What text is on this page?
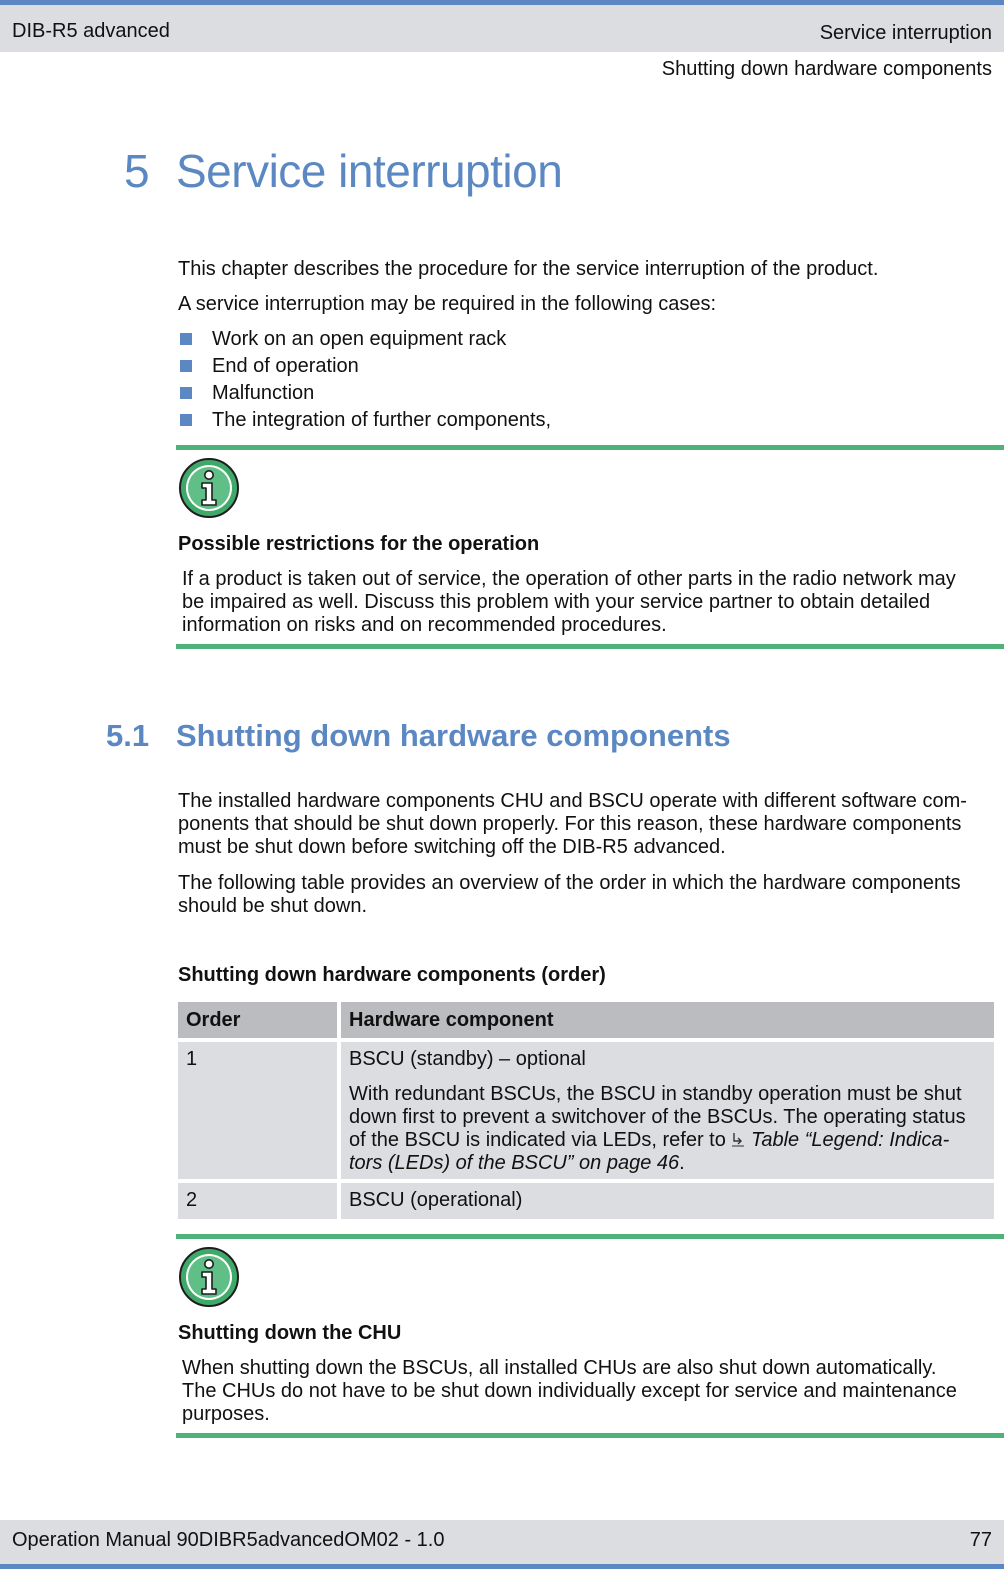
DIB-R5 advanced	Service interruption
Shutting down hardware components
5 Service interruption
This chapter describes the procedure for the service interruption of the product.
A service interruption may be required in the following cases:
Work on an open equipment rack
End of operation
Malfunction
The integration of further components,
Possible restrictions for the operation
If a product is taken out of service, the operation of other parts in the radio network may
be impaired as well. Discuss this problem with your service partner to obtain detailed
information on risks and on recommended procedures.
5.1 Shutting down hardware components
The installed hardware components CHU and BSCU operate with different software com-
ponents that should be shut down properly. For this reason, these hardware components
must be shut down before switching off the DIB-R5 advanced.
The following table provides an overview of the order in which the hardware components
should be shut down.
Shutting down hardware components (order)
Order	Hardware component
1	BSCU (standby) – optional
With redundant BSCUs, the BSCU in standby operation must be shut
down first to prevent a switchover of the BSCUs. The operating status
of the BSCU is indicated via LEDs, refer to  Table “Legend: Indica-
tors (LEDs) of the BSCU” on page 46.
2	BSCU (operational)
Shutting down the CHU
When shutting down the BSCUs, all installed CHUs are also shut down automatically.
The CHUs do not have to be shut down individually except for service and maintenance
purposes.
Operation Manual 90DIBR5advancedOM02 - 1.0	77
